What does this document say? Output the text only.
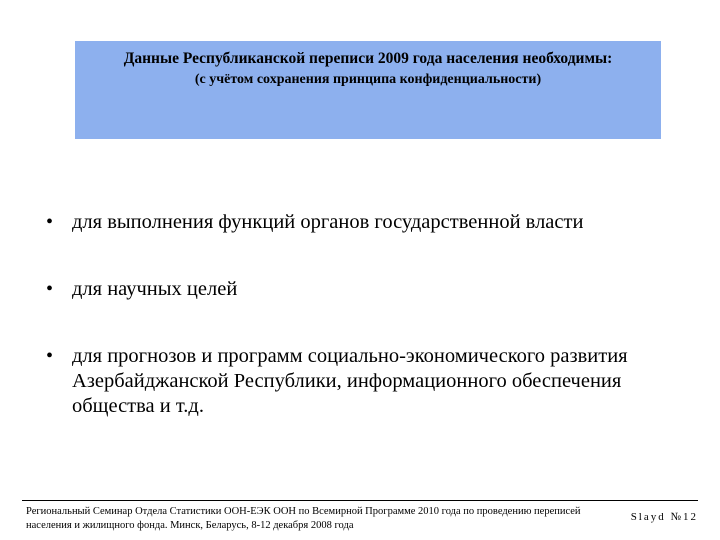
Данные Республиканской переписи 2009 года населения необходимы:
(с учётом сохранения принципа конфиденциальности)
• для выполнения функций органов государственной власти
• для научных целей
• для прогнозов и программ социально-экономического развития Азербайджанской Республики, информационного обеспечения общества и т.д.
Региональный Семинар Отдела Статистики ООН-ЕЭК ООН по Всемирной Программе 2010 года по проведению переписей населения и жилищного фонда. Минск, Беларусь, 8-12 декабря 2008 года
Slayd №12
